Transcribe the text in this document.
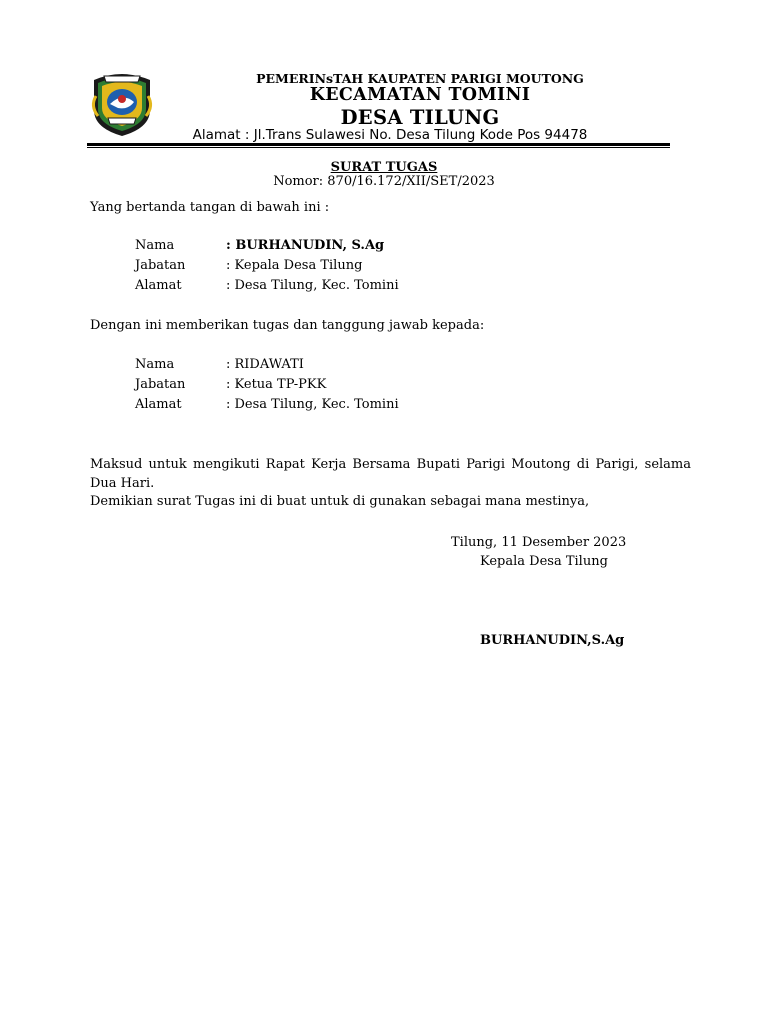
PEMERINsTAH KAUPATEN PARIGI MOUTONG
KECAMATAN TOMINI
DESA TILUNG
Alamat : Jl.Trans Sulawesi No. Desa Tilung Kode Pos 94478
SURAT TUGAS
Nomor: 870/16.172/XII/SET/2023
Yang bertanda tangan di bawah ini :
Nama	: BURHANUDIN, S.Ag
Jabatan	: Kepala Desa Tilung
Alamat	: Desa Tilung, Kec. Tomini
Dengan ini memberikan tugas dan tanggung jawab kepada:
Nama	: RIDAWATI
Jabatan	: Ketua TP-PKK
Alamat	: Desa Tilung, Kec. Tomini
Maksud untuk mengikuti Rapat Kerja Bersama Bupati Parigi Moutong di Parigi, selama Dua Hari.
Demikian surat Tugas ini di buat untuk di gunakan sebagai mana mestinya,
Tilung, 11 Desember 2023
Kepala Desa Tilung
BURHANUDIN,S.Ag
